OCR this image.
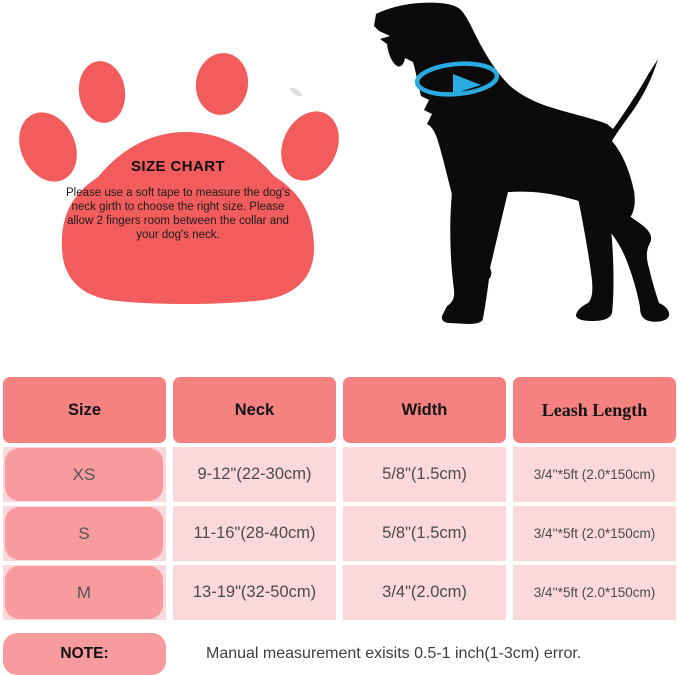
SIZE CHART

Please use a soft tape to measure the dog's neck girth to choose the right size. Please allow 2 fingers room between the collar and your dog's neck.

Size	Neck	Width	Leash Length
XS	9-12"(22-30cm)	5/8"(1.5cm)	3/4''*5ft (2.0*150cm)
S	11-16"(28-40cm)	5/8"(1.5cm)	3/4''*5ft (2.0*150cm)
M	13-19"(32-50cm)	3/4"(2.0cm)	3/4''*5ft (2.0*150cm)
NOTE:	Manual measurement exisits 0.5-1 inch(1-3cm) error.
